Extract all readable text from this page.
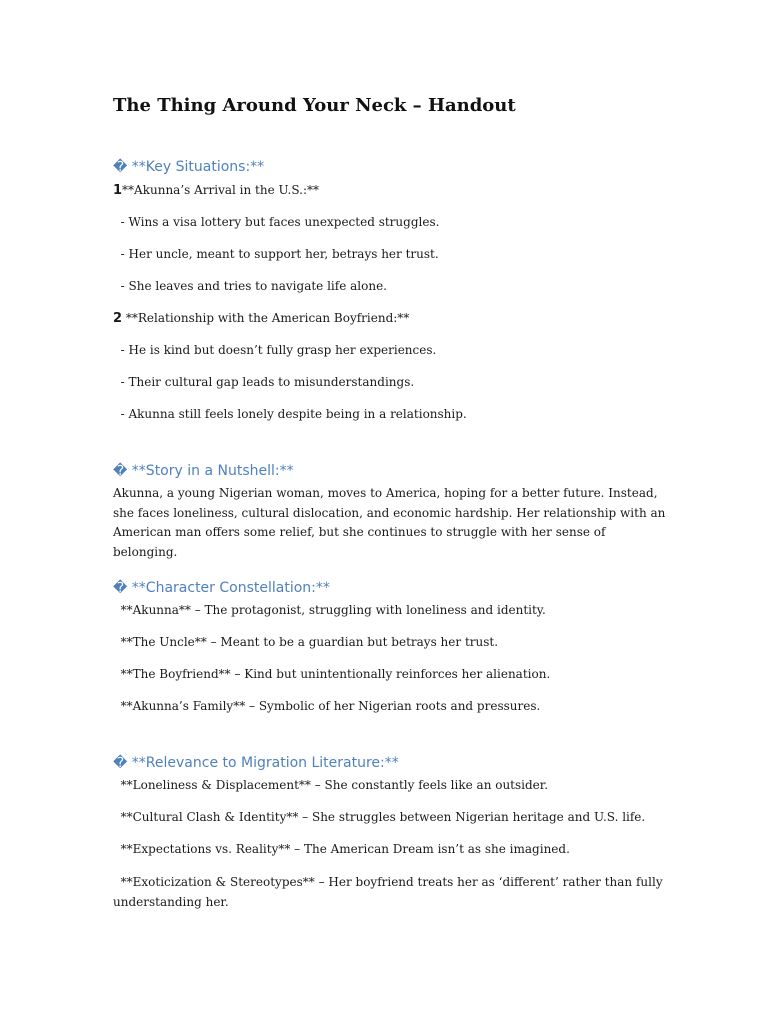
The Thing Around Your Neck – Handout
� **Key Situations:**
1**Akunna’s Arrival in the U.S.:**
- Wins a visa lottery but faces unexpected struggles.
- Her uncle, meant to support her, betrays her trust.
- She leaves and tries to navigate life alone.
2 **Relationship with the American Boyfriend:**
- He is kind but doesn’t fully grasp her experiences.
- Their cultural gap leads to misunderstandings.
- Akunna still feels lonely despite being in a relationship.
� **Story in a Nutshell:**
Akunna, a young Nigerian woman, moves to America, hoping for a better future. Instead, she faces loneliness, cultural dislocation, and economic hardship. Her relationship with an American man offers some relief, but she continues to struggle with her sense of belonging.
� **Character Constellation:**
**Akunna** – The protagonist, struggling with loneliness and identity.
**The Uncle** – Meant to be a guardian but betrays her trust.
**The Boyfriend** – Kind but unintentionally reinforces her alienation.
**Akunna’s Family** – Symbolic of her Nigerian roots and pressures.
� **Relevance to Migration Literature:**
**Loneliness & Displacement** – She constantly feels like an outsider.
**Cultural Clash & Identity** – She struggles between Nigerian heritage and U.S. life.
**Expectations vs. Reality** – The American Dream isn’t as she imagined.
**Exoticization & Stereotypes** – Her boyfriend treats her as ‘different’ rather than fully understanding her.
